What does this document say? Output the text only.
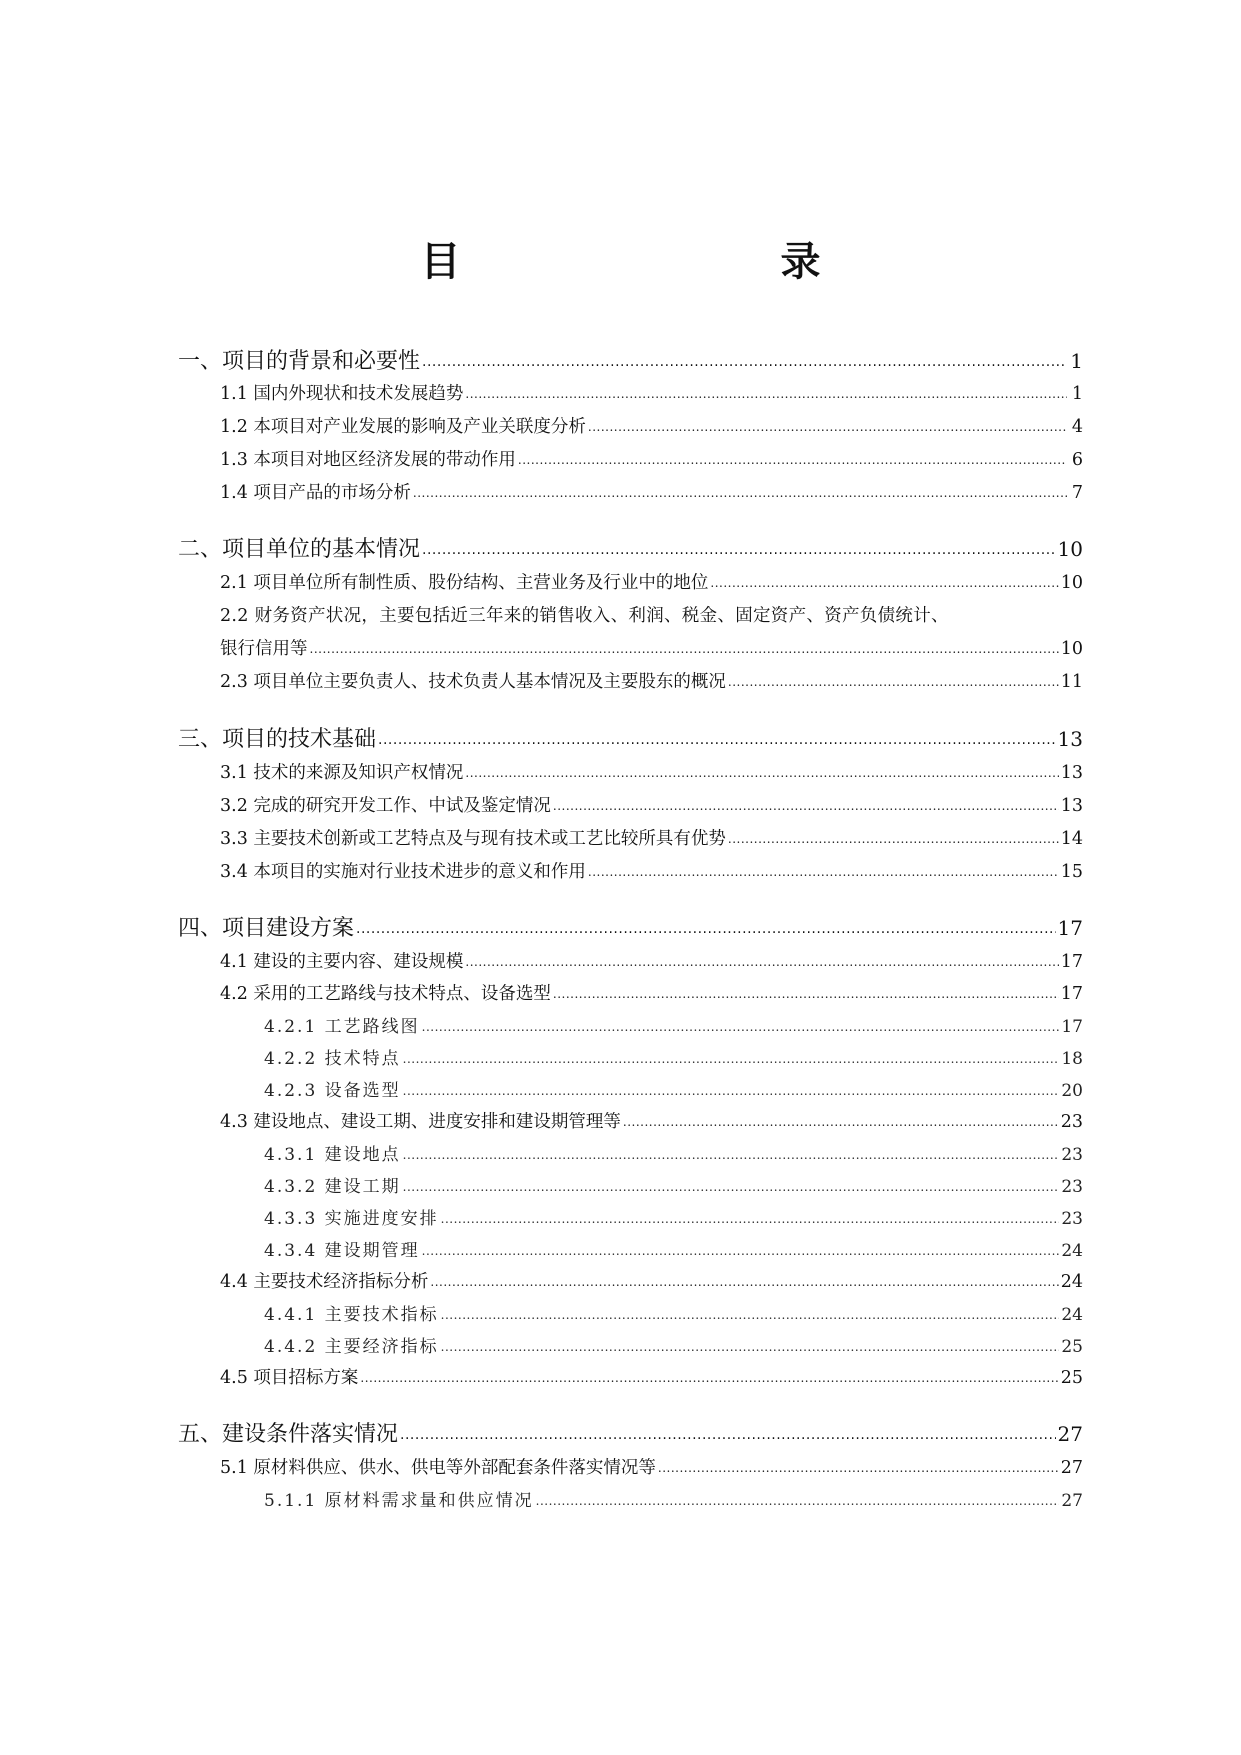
目　　录
一、项目的背景和必要性 .....	1
1.1 国内外现状和技术发展趋势 .....	1
1.2 本项目对产业发展的影响及产业关联度分析 .....	4
1.3 本项目对地区经济发展的带动作用 .....	6
1.4 项目产品的市场分析 .....	7
二、项目单位的基本情况 .....	10
2.1 项目单位所有制性质、股份结构、主营业务及行业中的地位 .....	10
2.2 财务资产状况，主要包括近三年来的销售收入、利润、税金、固定资产、资产负债统计、
银行信用等 .....	10
2.3 项目单位主要负责人、技术负责人基本情况及主要股东的概况 .....	11
三、项目的技术基础 .....	13
3.1 技术的来源及知识产权情况 .....	13
3.2 完成的研究开发工作、中试及鉴定情况 .....	13
3.3 主要技术创新或工艺特点及与现有技术或工艺比较所具有优势 .....	14
3.4 本项目的实施对行业技术进步的意义和作用 .....	15
四、项目建设方案 .....	17
4.1 建设的主要内容、建设规模 .....	17
4.2 采用的工艺路线与技术特点、设备选型 .....	17
4.2.1 工艺路线图 .....	17
4.2.2 技术特点 .....	18
4.2.3 设备选型 .....	20
4.3 建设地点、建设工期、进度安排和建设期管理等 .....	23
4.3.1 建设地点 .....	23
4.3.2 建设工期 .....	23
4.3.3 实施进度安排 .....	23
4.3.4 建设期管理 .....	24
4.4 主要技术经济指标分析 .....	24
4.4.1 主要技术指标 .....	24
4.4.2 主要经济指标 .....	25
4.5 项目招标方案 .....	25
五、建设条件落实情况 .....	27
5.1 原材料供应、供水、供电等外部配套条件落实情况等 .....	27
5.1.1 原材料需求量和供应情况 .....	27
